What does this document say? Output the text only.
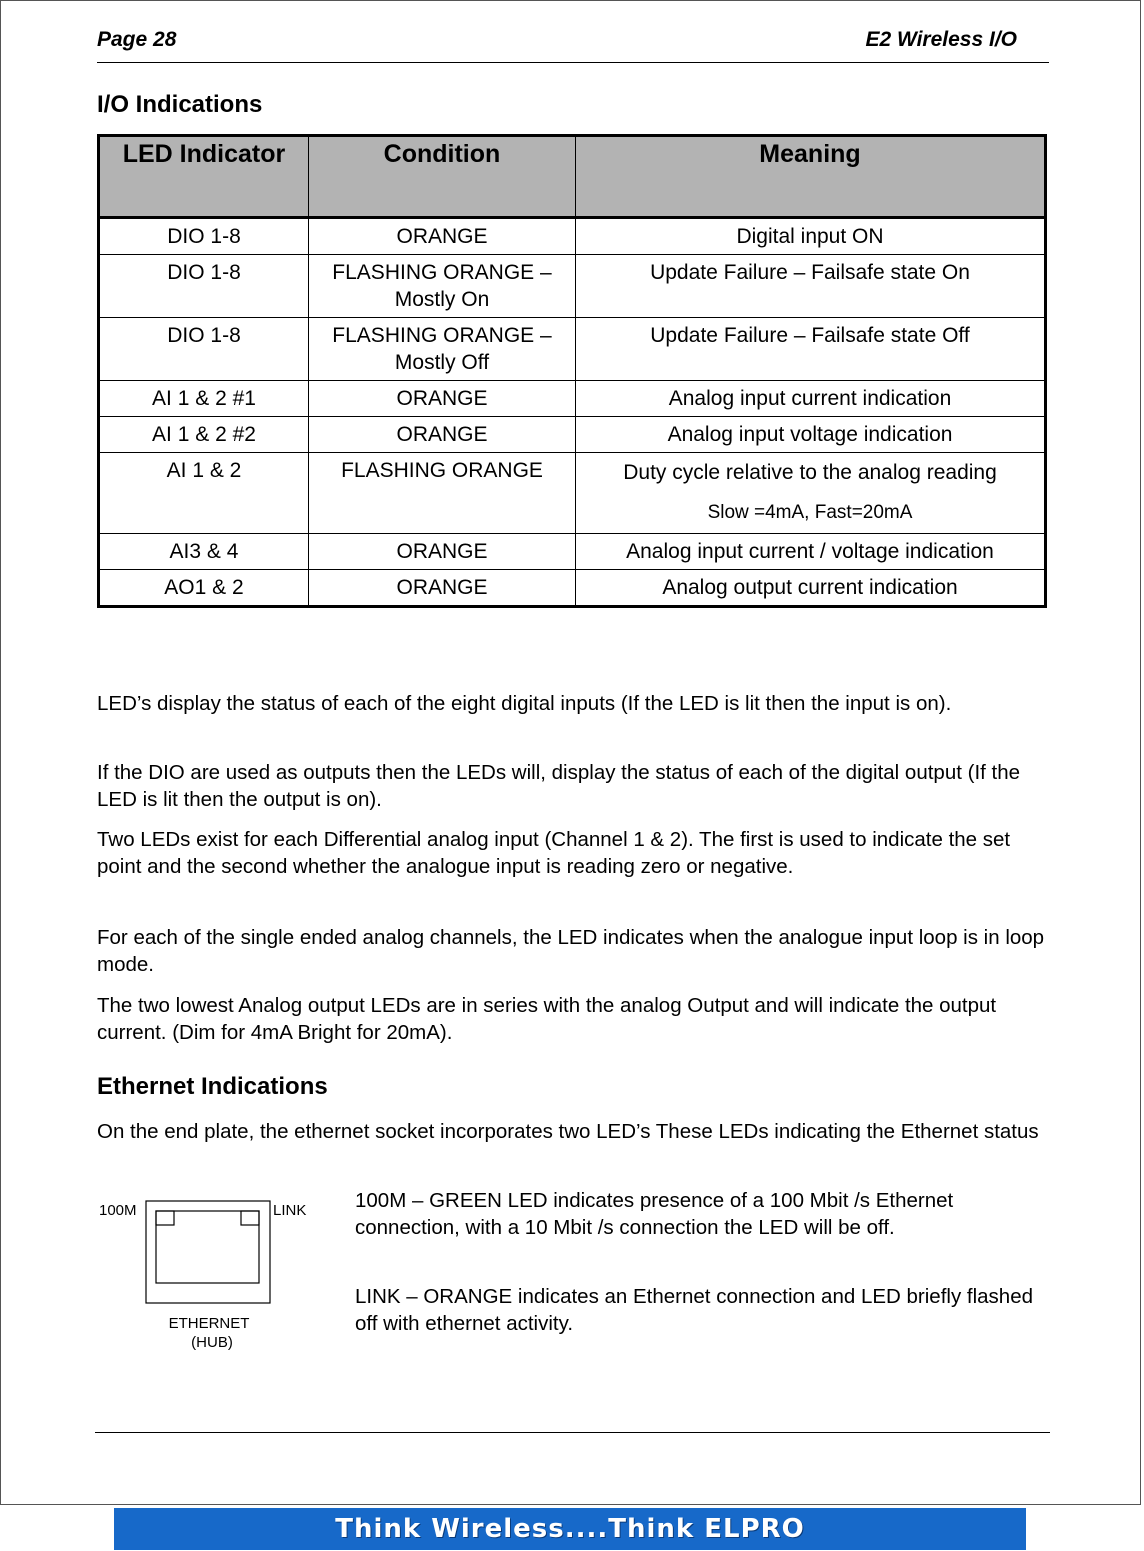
Page 28	E2 Wireless I/O
I/O Indications
LED Indicator	Condition	Meaning
DIO 1-8	ORANGE	Digital input ON
DIO 1-8	FLASHING ORANGE – Mostly On	Update Failure – Failsafe state On
DIO 1-8	FLASHING ORANGE – Mostly Off	Update Failure – Failsafe state Off
AI 1 & 2 #1	ORANGE	Analog input current indication
AI 1 & 2 #2	ORANGE	Analog input voltage indication
AI 1 & 2	FLASHING ORANGE	Duty cycle relative to the analog reading
Slow =4mA, Fast=20mA

AI3 & 4	ORANGE	Analog input current / voltage indication
AO1 & 2	ORANGE	Analog output current indication

LED’s display the status of each of the eight digital inputs (If the LED is lit then the input is on).

If the DIO are used as outputs then the LEDs will, display the status of each of the digital output (If the LED is lit then the output is on).

Two LEDs exist for each Differential analog input (Channel 1 & 2). The first is used to indicate the set point and the second whether the analogue input is reading zero or negative.

For each of the single ended analog channels, the LED indicates when the analogue input loop is in loop mode.

The two lowest Analog output LEDs are in series with the analog Output and will indicate the output current. (Dim for 4mA Bright for 20mA).

Ethernet Indications

On the end plate, the ethernet socket incorporates two LED’s These LEDs indicating the Ethernet status

100M	LINK
ETHERNET
(HUB)

100M – GREEN LED indicates presence of a 100 Mbit /s Ethernet connection, with a 10 Mbit /s connection the LED will be off.

LINK – ORANGE indicates an Ethernet connection and LED briefly flashed off with ethernet activity.

Think Wireless....Think ELPRO
